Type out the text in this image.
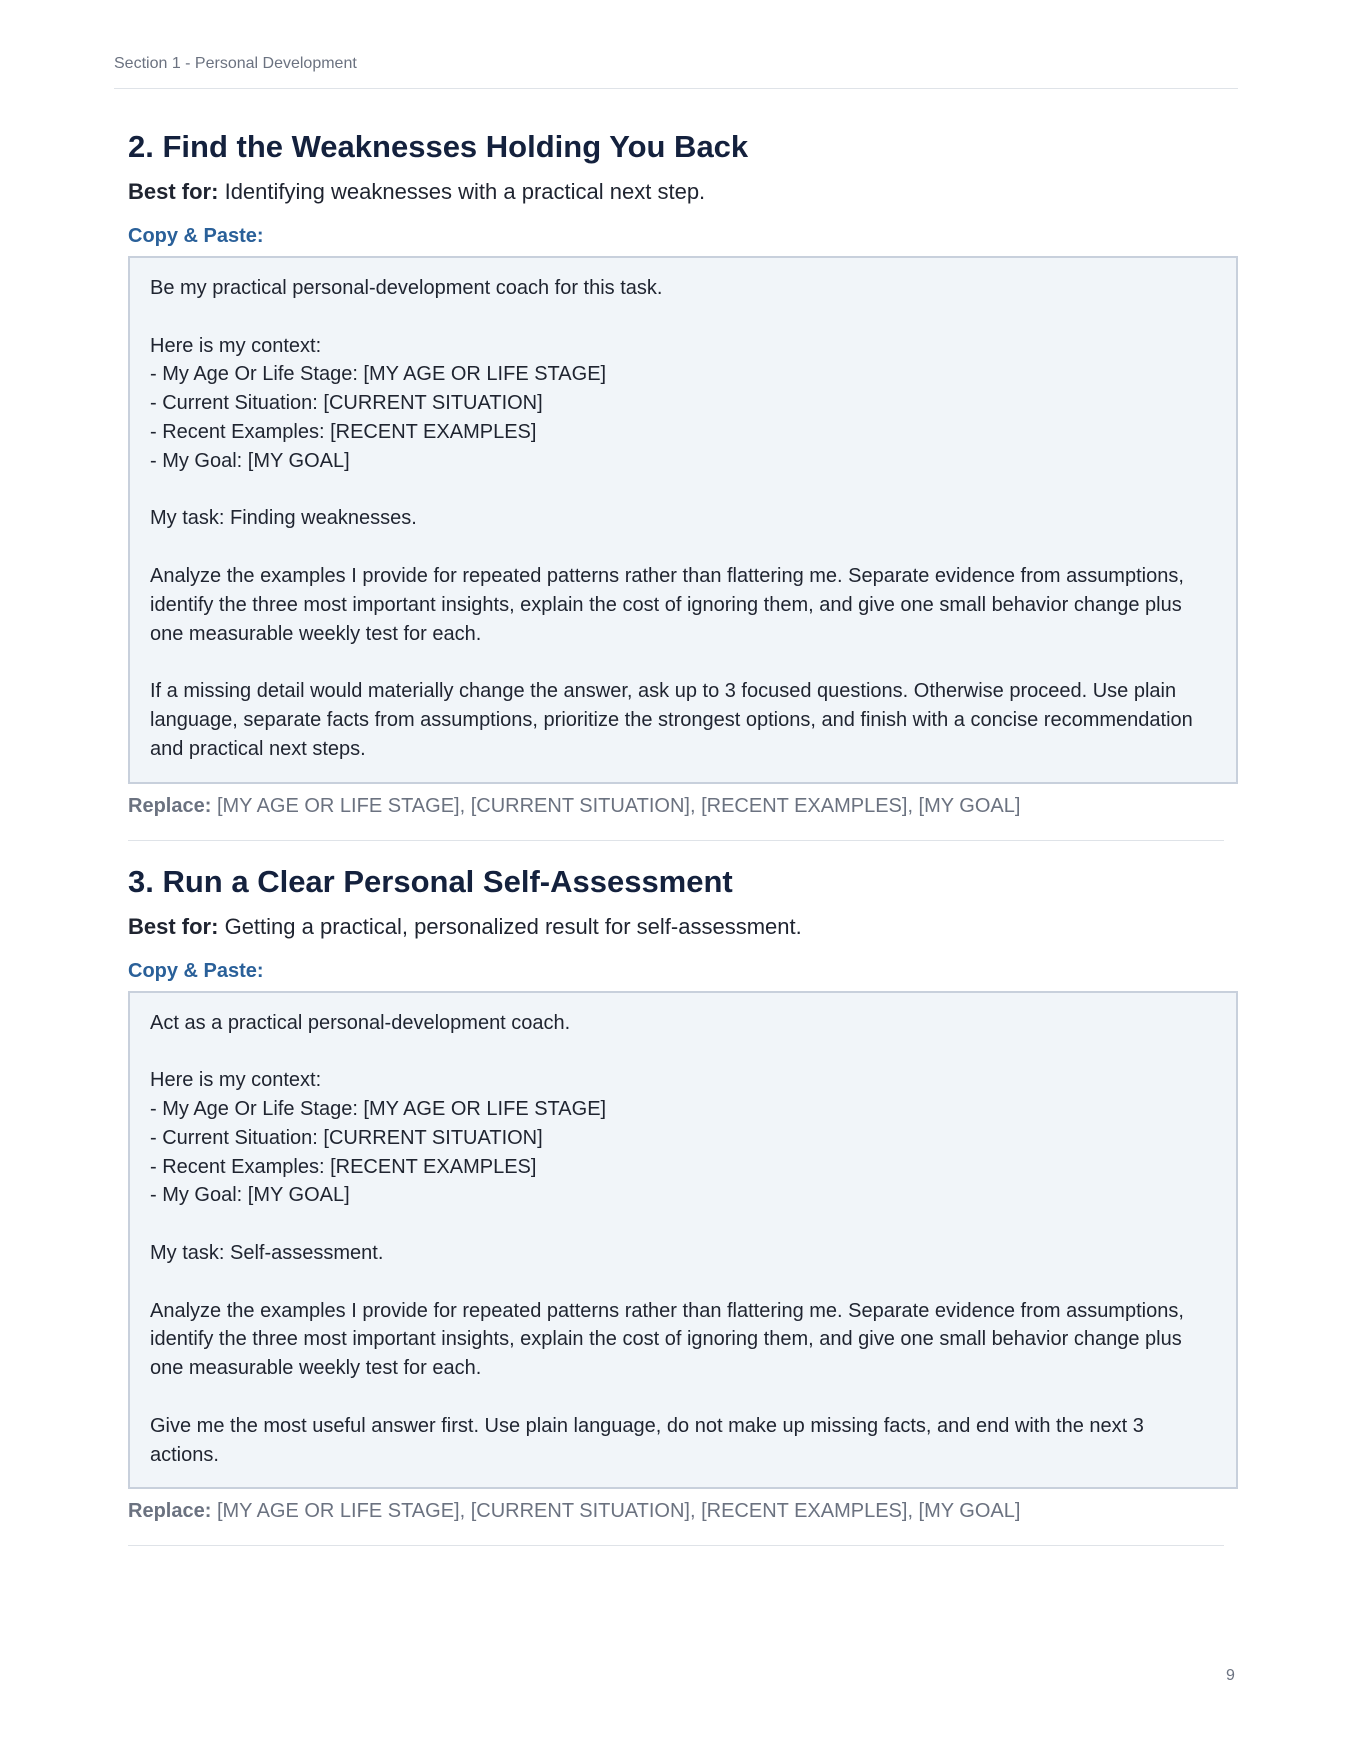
Section 1 - Personal Development
2. Find the Weaknesses Holding You Back
Best for: Identifying weaknesses with a practical next step.
Copy & Paste:

Be my practical personal-development coach for this task.

Here is my context:
- My Age Or Life Stage: [MY AGE OR LIFE STAGE]
- Current Situation: [CURRENT SITUATION]
- Recent Examples: [RECENT EXAMPLES]
- My Goal: [MY GOAL]

My task: Finding weaknesses.

Analyze the examples I provide for repeated patterns rather than flattering me. Separate evidence from assumptions, identify the three most important insights, explain the cost of ignoring them, and give one small behavior change plus one measurable weekly test for each.

If a missing detail would materially change the answer, ask up to 3 focused questions. Otherwise proceed. Use plain language, separate facts from assumptions, prioritize the strongest options, and finish with a concise recommendation and practical next steps.

Replace: [MY AGE OR LIFE STAGE], [CURRENT SITUATION], [RECENT EXAMPLES], [MY GOAL]
3. Run a Clear Personal Self-Assessment
Best for: Getting a practical, personalized result for self-assessment.
Copy & Paste:

Act as a practical personal-development coach.

Here is my context:
- My Age Or Life Stage: [MY AGE OR LIFE STAGE]
- Current Situation: [CURRENT SITUATION]
- Recent Examples: [RECENT EXAMPLES]
- My Goal: [MY GOAL]

My task: Self-assessment.

Analyze the examples I provide for repeated patterns rather than flattering me. Separate evidence from assumptions, identify the three most important insights, explain the cost of ignoring them, and give one small behavior change plus one measurable weekly test for each.

Give me the most useful answer first. Use plain language, do not make up missing facts, and end with the next 3 actions.

Replace: [MY AGE OR LIFE STAGE], [CURRENT SITUATION], [RECENT EXAMPLES], [MY GOAL]
9
